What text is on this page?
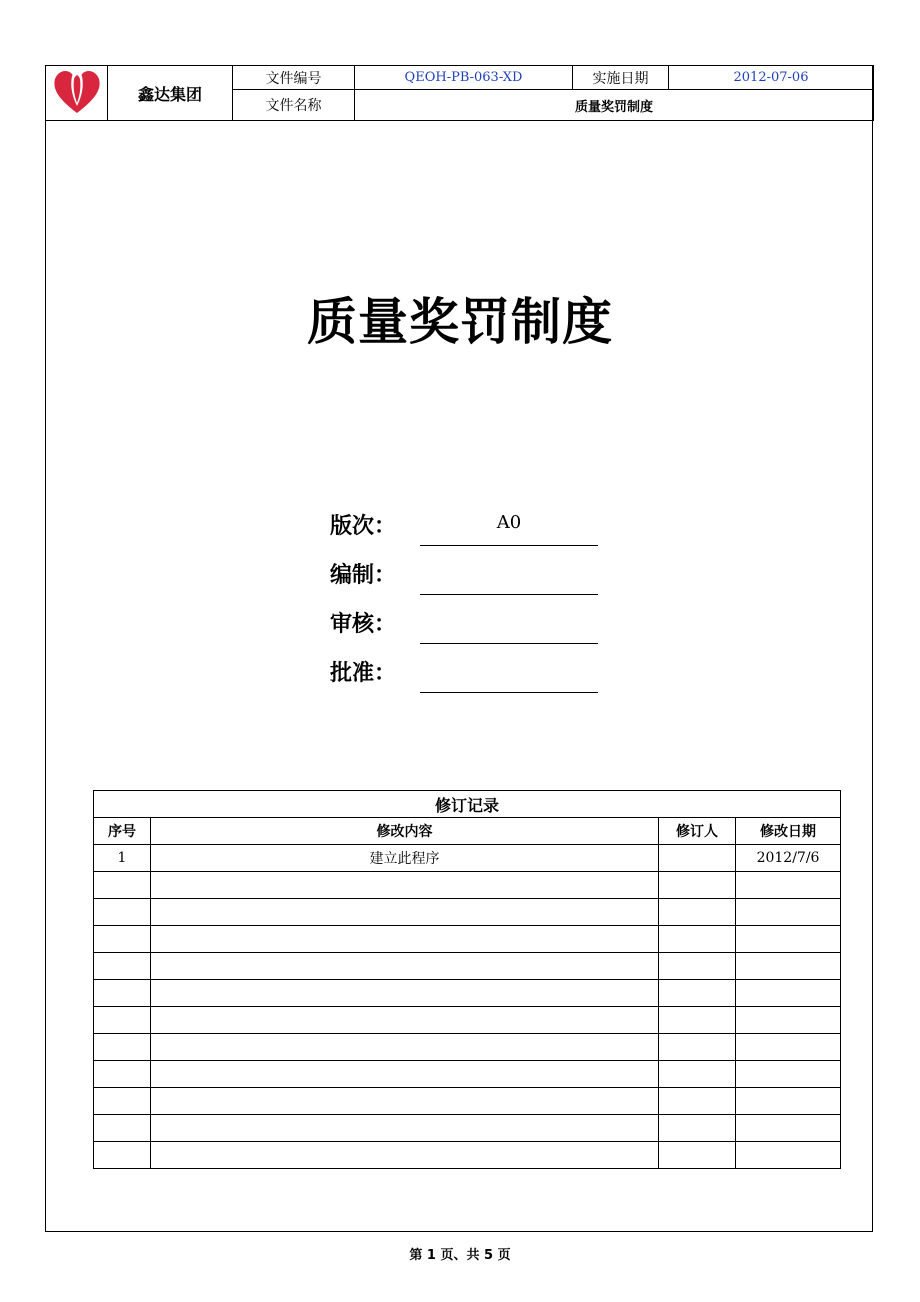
	鑫达集团	文件编号	QEOH-PB-063-XD	实施日期	2012-07-06
		文件名称	质量奖罚制度		
质量奖罚制度
版次：	A0
编制：
审核：
批准：
修订记录			
序号	修改内容	修订人	修改日期
1	建立此程序		2012/7/6

第 1 页、共 5 页
